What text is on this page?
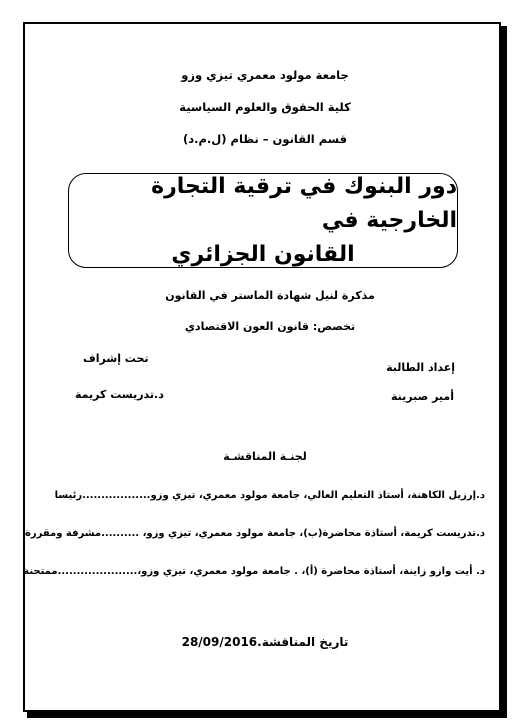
جامعة مولود معمري تيزي وزو
كلية الحقوق والعلوم السياسية
قسم القانون – نظام (ل.م.د)
دور البنوك في ترقية التجارة الخارجية في
القانون الجزائري
مذكرة لنيل شهادة الماستر في القانون
تخصص: قانون العون الاقتصادي
إعداد الطالبة
أمير صبرينة
تحت إشراف
د.تدريست كريمة
لجنـة المناقشـة
د.إرزيل الكاهنة، أستاذ التعليم العالي، جامعة مولود معمري، تيزي وزو..................رئيسا
د.تدريست كريمة، أستاذة محاضرة(ب)، جامعة مولود معمري، تيزي وزو، ..........مشرفة ومقررة
د. أيت وازو زاينة، أستاذة محاضرة (أ)، . جامعة مولود معمري، تيزي وزو،.....................ممتحنة
تاريخ المناقشة.28/09/2016
